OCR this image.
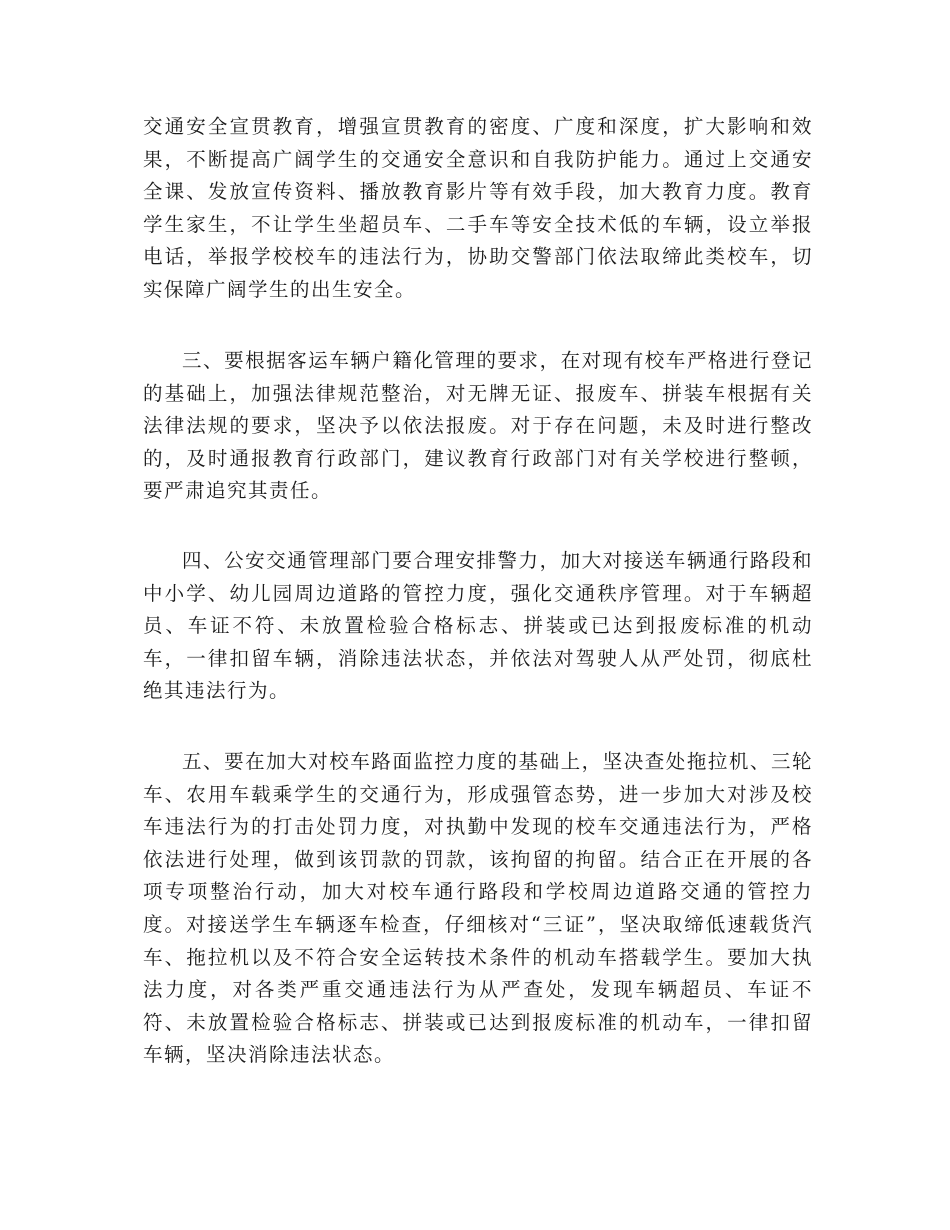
交通安全宣贯教育，增强宣贯教育的密度、广度和深度，扩大影响和效果，不断提高广阔学生的交通安全意识和自我防护能力。通过上交通安全课、发放宣传资料、播放教育影片等有效手段，加大教育力度。教育学生家生，不让学生坐超员车、二手车等安全技术低的车辆，设立举报电话，举报学校校车的违法行为，协助交警部门依法取缔此类校车，切实保障广阔学生的出生安全。

三、要根据客运车辆户籍化管理的要求，在对现有校车严格进行登记的基础上，加强法律规范整治，对无牌无证、报废车、拼装车根据有关法律法规的要求，坚决予以依法报废。对于存在问题，未及时进行整改的，及时通报教育行政部门，建议教育行政部门对有关学校进行整顿，要严肃追究其责任。

四、公安交通管理部门要合理安排警力，加大对接送车辆通行路段和中小学、幼儿园周边道路的管控力度，强化交通秩序管理。对于车辆超员、车证不符、未放置检验合格标志、拼装或已达到报废标准的机动车，一律扣留车辆，消除违法状态，并依法对驾驶人从严处罚，彻底杜绝其违法行为。

五、要在加大对校车路面监控力度的基础上，坚决查处拖拉机、三轮车、农用车载乘学生的交通行为，形成强管态势，进一步加大对涉及校车违法行为的打击处罚力度，对执勤中发现的校车交通违法行为，严格依法进行处理，做到该罚款的罚款，该拘留的拘留。结合正在开展的各项专项整治行动，加大对校车通行路段和学校周边道路交通的管控力度。对接送学生车辆逐车检查，仔细核对“三证”，坚决取缔低速载货汽车、拖拉机以及不符合安全运转技术条件的机动车搭载学生。要加大执法力度，对各类严重交通违法行为从严查处，发现车辆超员、车证不符、未放置检验合格标志、拼装或已达到报废标准的机动车，一律扣留车辆，坚决消除违法状态。
